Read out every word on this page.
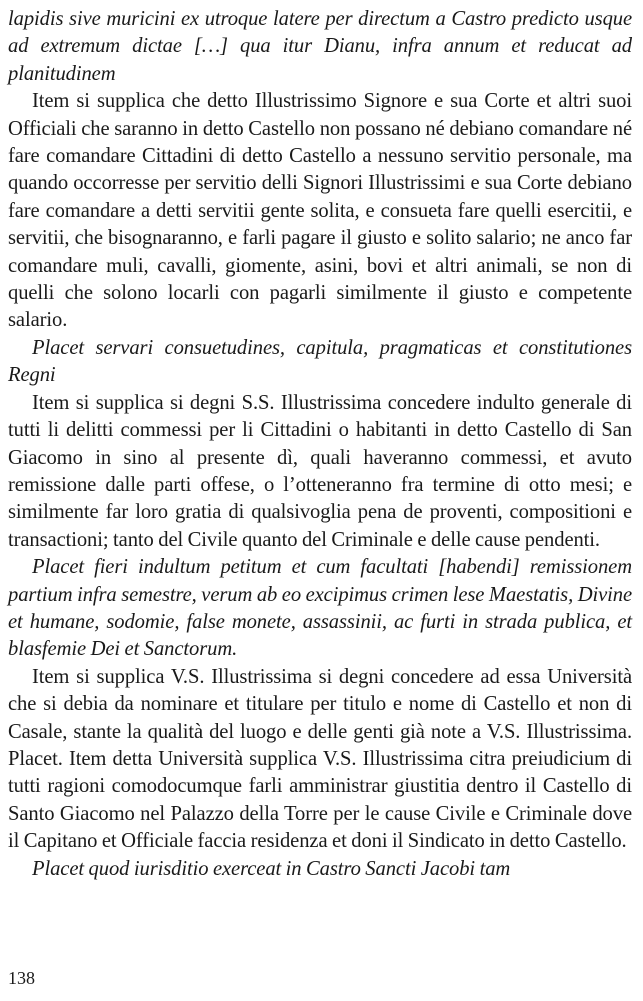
lapidis sive muricini ex utroque latere per directum a Castro predicto usque ad extremum dictae […] qua itur Dianu, infra annum et reducat ad planitudinem

Item si supplica che detto Illustrissimo Signore e sua Corte et altri suoi Officiali che saranno in detto Castello non possano né debiano comandare né fare comandare Cittadini di detto Castello a nessuno servitio personale, ma quando occorresse per servitio delli Signori Illustrissimi e sua Corte debiano fare comandare a detti servitii gente solita, e consueta fare quelli esercitii, e servitii, che bisognaranno, e farli pagare il giusto e solito salario; ne anco far comandare muli, cavalli, giomente, asini, bovi et altri animali, se non di quelli che solono locarli con pagarli similmente il giusto e competente salario.

Placet servari consuetudines, capitula, pragmaticas et constitutiones Regni

Item si supplica si degni S.S. Illustrissima concedere indulto generale di tutti li delitti commessi per li Cittadini o habitanti in detto Castello di San Giacomo in sino al presente dì, quali haveranno commessi, et avuto remissione dalle parti offese, o l’otteneranno fra termine di otto mesi; e similmente far loro gratia di qualsivoglia pena de proventi, compositioni e transactioni; tanto del Civile quanto del Criminale e delle cause pendenti.

Placet fieri indultum petitum et cum facultati [habendi] remissionem partium infra semestre, verum ab eo excipimus crimen lese Maestatis, Divine et humane, sodomie, false monete, assassinii, ac furti in strada publica, et blasfemie Dei et Sanctorum.

Item si supplica V.S. Illustrissima si degni concedere ad essa Università che si debia da nominare et titulare per titulo e nome di Castello et non di Casale, stante la qualità del luogo e delle genti già note a V.S. Illustrissima. Placet. Item detta Università supplica V.S. Illustrissima citra preiudicium di tutti ragioni comodocumque farli amministrar giustitia dentro il Castello di Santo Giacomo nel Palazzo della Torre per le cause Civile e Criminale dove il Capitano et Officiale faccia residenza et doni il Sindicato in detto Castello.

Placet quod iurisditio exerceat in Castro Sancti Jacobi tam

138
